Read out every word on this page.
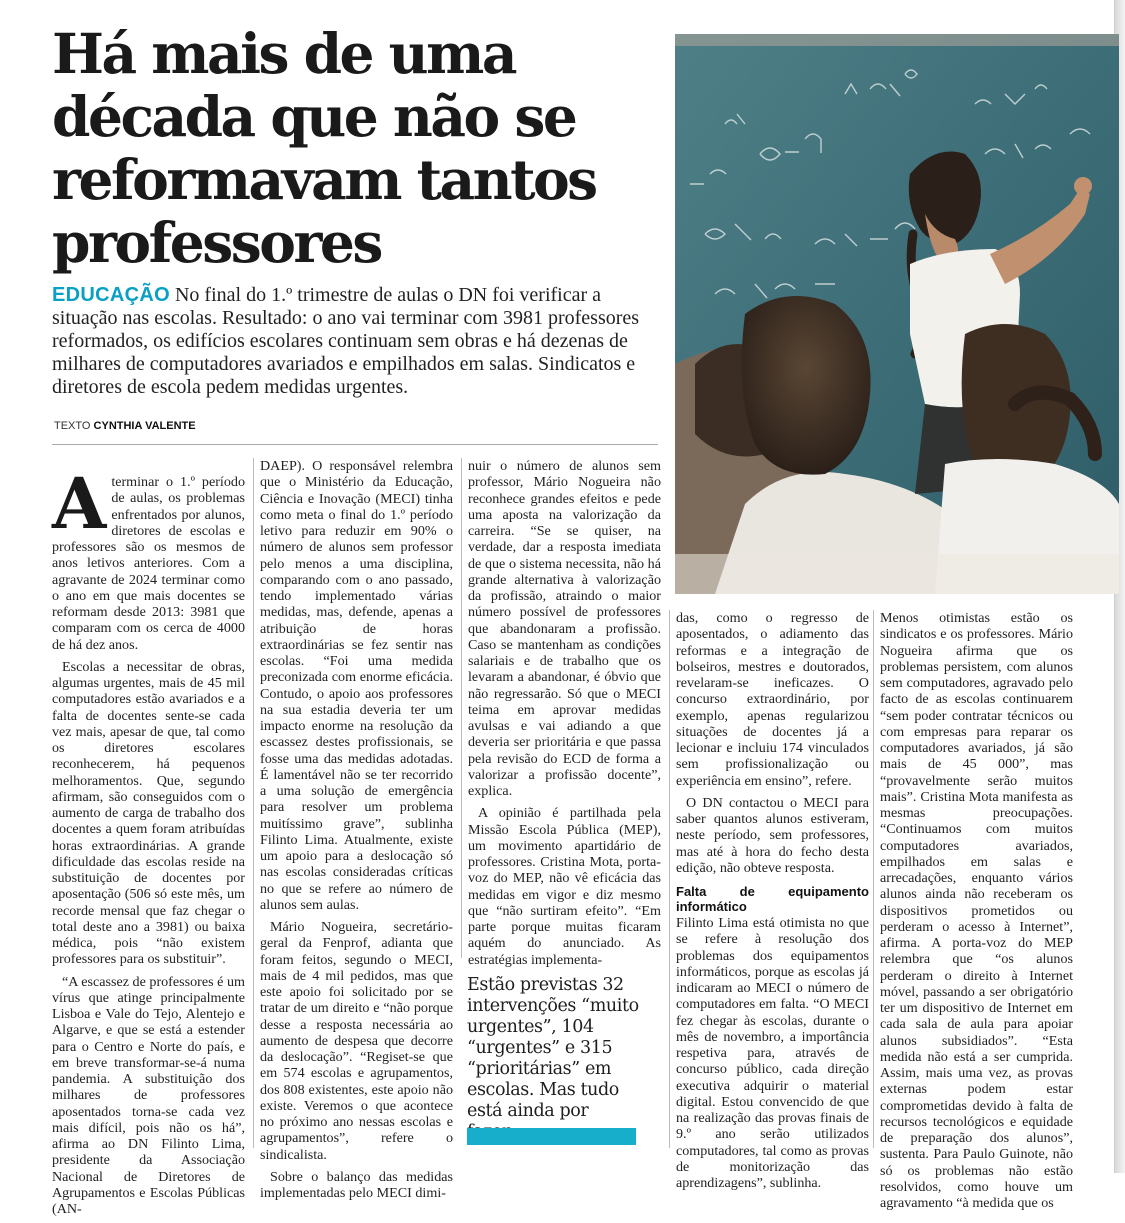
Há mais de uma década que não se reformavam tantos professores

EDUCAÇÃO No final do 1.º trimestre de aulas o DN foi verificar a situação nas escolas. Resultado: o ano vai terminar com 3981 professores reformados, os edifícios escolares continuam sem obras e há dezenas de milhares de computadores avariados e empilhados em salas. Sindicatos e diretores de escola pedem medidas urgentes.

TEXTO CYNTHIA VALENTE
A terminar o 1.º período de aulas, os problemas enfrentados por alunos, diretores de escolas e professores são os mesmos de anos letivos anteriores. Com a agravante de 2024 terminar como o ano em que mais docentes se reformam desde 2013: 3981 que comparam com os cerca de 4000 de há dez anos.

Escolas a necessitar de obras, algumas urgentes, mais de 45 mil computadores estão avariados e a falta de docentes sente-se cada vez mais, apesar de que, tal como os diretores escolares reconhecerem, há pequenos melhoramentos. Que, segundo afirmam, são conseguidos com o aumento de carga de trabalho dos docentes a quem foram atribuídas horas extraordinárias. A grande dificuldade das escolas reside na substituição de docentes por aposentação (506 só este mês, um recorde mensal que faz chegar o total deste ano a 3981) ou baixa médica, pois “não existem professores para os substituir”.

“A escassez de professores é um vírus que atinge principalmente Lisboa e Vale do Tejo, Alentejo e Algarve, e que se está a estender para o Centro e Norte do país, e em breve transformar-se-á numa pandemia. A substituição dos milhares de professores aposentados torna-se cada vez mais difícil, pois não os há”, afirma ao DN Filinto Lima, presidente da Associação Nacional de Diretores de Agrupamentos e Escolas Públicas (AN-

DAEP). O responsável relembra que o Ministério da Educação, Ciência e Inovação (MECI) tinha como meta o final do 1.º período letivo para reduzir em 90% o número de alunos sem professor pelo menos a uma disciplina, comparando com o ano passado, tendo implementado várias medidas, mas, defende, apenas a atribuição de horas extraordinárias se fez sentir nas escolas. “Foi uma medida preconizada com enorme eficácia. Contudo, o apoio aos professores na sua estadia deveria ter um impacto enorme na resolução da escassez destes profissionais, se fosse uma das medidas adotadas. É lamentável não se ter recorrido a uma solução de emergência para resolver um problema muitíssimo grave”, sublinha Filinto Lima. Atualmente, existe um apoio para a deslocação só nas escolas consideradas críticas no que se refere ao número de alunos sem aulas.

Mário Nogueira, secretário-geral da Fenprof, adianta que foram feitos, segundo o MECI, mais de 4 mil pedidos, mas que este apoio foi solicitado por se tratar de um direito e “não porque desse a resposta necessária ao aumento de despesa que decorre da deslocação”. “Regiset-se que em 574 escolas e agrupamentos, dos 808 existentes, este apoio não existe. Veremos o que acontece no próximo ano nessas escolas e agrupamentos”, refere o sindicalista.

Sobre o balanço das medidas implementadas pelo MECI dimi-

nuir o número de alunos sem professor, Mário Nogueira não reconhece grandes efeitos e pede uma aposta na valorização da carreira. “Se se quiser, na verdade, dar a resposta imediata de que o sistema necessita, não há grande alternativa à valorização da profissão, atraindo o maior número possível de professores que abandonaram a profissão. Caso se mantenham as condições salariais e de trabalho que os levaram a abandonar, é óbvio que não regressarão. Só que o MECI teima em aprovar medidas avulsas e vai adiando a que deveria ser prioritária e que passa pela revisão do ECD de forma a valorizar a profissão docente”, explica.

A opinião é partilhada pela Missão Escola Pública (MEP), um movimento apartidário de professores. Cristina Mota, porta-voz do MEP, não vê eficácia das medidas em vigor e diz mesmo que “não surtiram efeito”. “Em parte porque muitas ficaram aquém do anunciado. As estratégias implementa-

Estão previstas 32 intervenções “muito urgentes”, 104 “urgentes” e 315 “prioritárias” em escolas. Mas tudo está ainda por

das, como o regresso de aposentados, o adiamento das reformas e a integração de bolseiros, mestres e doutorados, revelaram-se ineficazes. O concurso extraordinário, por exemplo, apenas regularizou situações de docentes já a lecionar e incluiu 174 vinculados sem profissionalização ou experiência em ensino”, refere.

O DN contactou o MECI para saber quantos alunos estiveram, neste período, sem professores, mas até à hora do fecho desta edição, não obteve resposta.

Falta de equipamento informático

Filinto Lima está otimista no que se refere à resolução dos problemas dos equipamentos informáticos, porque as escolas já indicaram ao MECI o número de computadores em falta. “O MECI fez chegar às escolas, durante o mês de novembro, a importância respetiva para, através de concurso público, cada direção executiva adquirir o material digital. Estou convencido de que na realização das provas finais de 9.º ano serão utilizados computadores, tal como as provas de monitorização das aprendizagens”, sublinha.

Menos otimistas estão os sindicatos e os professores. Mário Nogueira afirma que os problemas persistem, com alunos sem computadores, agravado pelo facto de as escolas continuarem “sem poder contratar técnicos ou com empresas para reparar os computadores avariados, já são mais de 45 000”, mas “provavelmente serão muitos mais”. Cristina Mota manifesta as mesmas preocupações. “Continuamos com muitos computadores avariados, empilhados em salas e arrecadações, enquanto vários alunos ainda não receberam os dispositivos prometidos ou perderam o acesso à Internet”, afirma. A porta-voz do MEP relembra que “os alunos perderam o direito à Internet móvel, passando a ser obrigatório ter um dispositivo de Internet em cada sala de aula para apoiar alunos subsidiados”. “Esta medida não está a ser cumprida. Assim, mais uma vez, as provas externas podem estar comprometidas devido à falta de recursos tecnológicos e equidade de preparação dos alunos”, sustenta. Para Paulo Guinote, não só os problemas não estão resolvidos, como houve um agravamento “à medida que os
